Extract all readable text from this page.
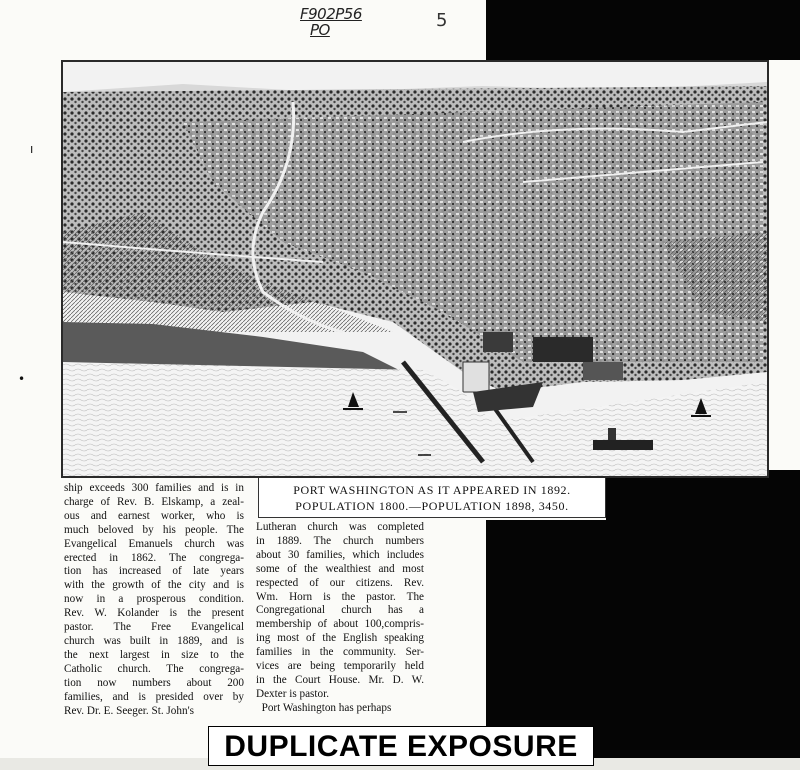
F902P56
PO	5
ı
•
PORT WASHINGTON AS IT APPEARED IN 1892.
POPULATION 1800.—POPULATION 1898, 3450.
ship exceeds 300 families and is in
charge of Rev. B. Elskamp, a zeal-
ous and earnest worker, who is
much beloved by his people. The
Evangelical Emanuels church was
erected in 1862. The congrega-
tion has increased of late years
with the growth of the city and is
now in a prosperous condition.
Rev. W. Kolander is the present
pastor. The Free Evangelical
church was built in 1889, and is
the next largest in size to the
Catholic church. The congrega-
tion now numbers about 200
families, and is presided over by
Rev. Dr. E. Seeger. St. John's
Lutheran church was completed
in 1889. The church numbers
about 30 families, which includes
some of the wealthiest and most
respected of our citizens. Rev.
Wm. Horn is the pastor. The
Congregational church has a
membership of about 100,compris-
ing most of the English speaking
families in the community. Ser-
vices are being temporarily held
in the Court House. Mr. D. W.
Dexter is pastor.
Port Washington has perhaps
DUPLICATE EXPOSURE
